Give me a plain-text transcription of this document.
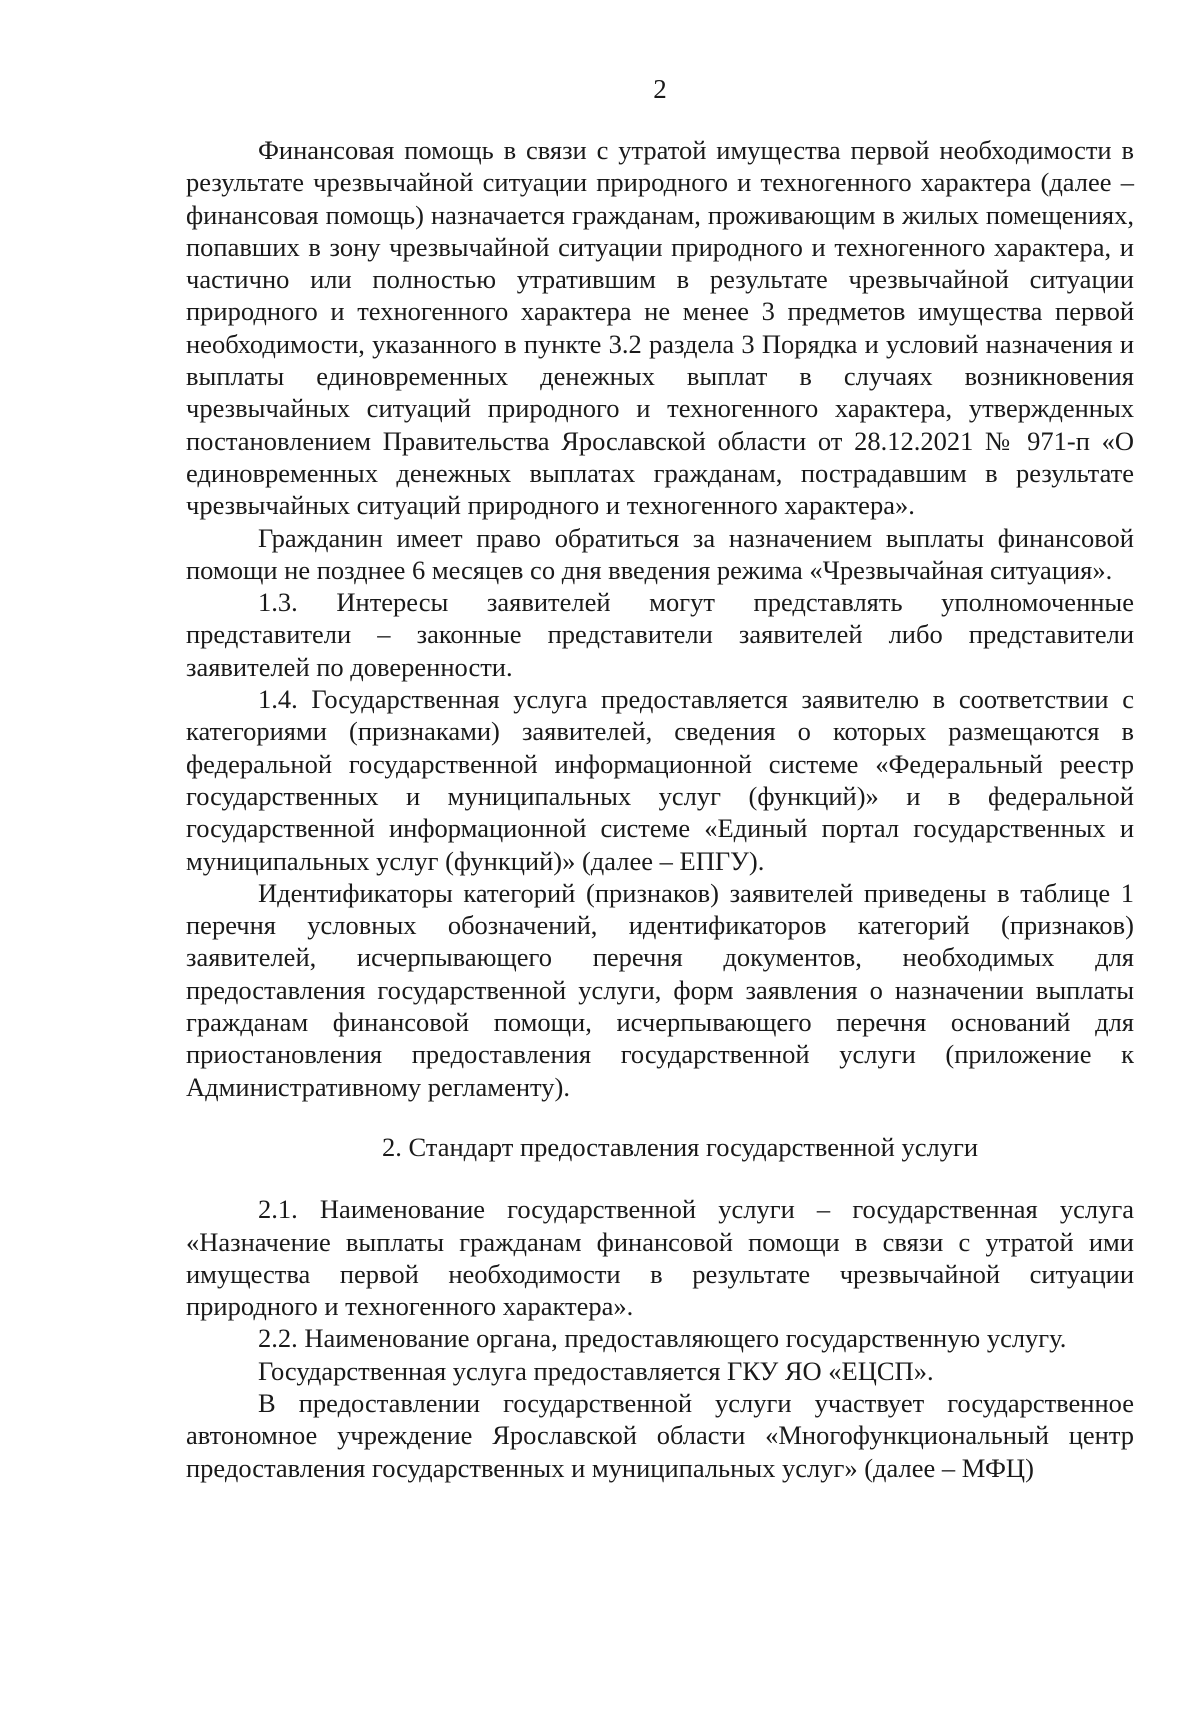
2

Финансовая помощь в связи с утратой имущества первой необходимости в результате чрезвычайной ситуации природного и техногенного характера (далее – финансовая помощь) назначается гражданам, проживающим в жилых помещениях, попавших в зону чрезвычайной ситуации природного и техногенного характера, и частично или полностью утратившим в результате чрезвычайной ситуации природного и техногенного характера не менее 3 предметов имущества первой необходимости, указанного в пункте 3.2 раздела 3 Порядка и условий назначения и выплаты единовременных денежных выплат в случаях возникновения чрезвычайных ситуаций природного и техногенного характера, утвержденных постановлением Правительства Ярославской области от 28.12.2021 № 971-п «О единовременных денежных выплатах гражданам, пострадавшим в результате чрезвычайных ситуаций природного и техногенного характера».

Гражданин имеет право обратиться за назначением выплаты финансовой помощи не позднее 6 месяцев со дня введения режима «Чрезвычайная ситуация».

1.3. Интересы заявителей могут представлять уполномоченные представители – законные представители заявителей либо представители заявителей по доверенности.

1.4. Государственная услуга предоставляется заявителю в соответствии с категориями (признаками) заявителей, сведения о которых размещаются в федеральной государственной информационной системе «Федеральный реестр государственных и муниципальных услуг (функций)» и в федеральной государственной информационной системе «Единый портал государственных и муниципальных услуг (функций)» (далее – ЕПГУ).

Идентификаторы категорий (признаков) заявителей приведены в таблице 1 перечня условных обозначений, идентификаторов категорий (признаков) заявителей, исчерпывающего перечня документов, необходимых для предоставления государственной услуги, форм заявления о назначении выплаты гражданам финансовой помощи, исчерпывающего перечня оснований для приостановления предоставления государственной услуги (приложение к Административному регламенту).

2. Стандарт предоставления государственной услуги

2.1. Наименование государственной услуги – государственная услуга «Назначение выплаты гражданам финансовой помощи в связи с утратой ими имущества первой необходимости в результате чрезвычайной ситуации природного и техногенного характера».

2.2. Наименование органа, предоставляющего государственную услугу.

Государственная услуга предоставляется ГКУ ЯО «ЕЦСП».

В предоставлении государственной услуги участвует государственное автономное учреждение Ярославской области «Многофункциональный центр предоставления государственных и муниципальных услуг» (далее – МФЦ)
